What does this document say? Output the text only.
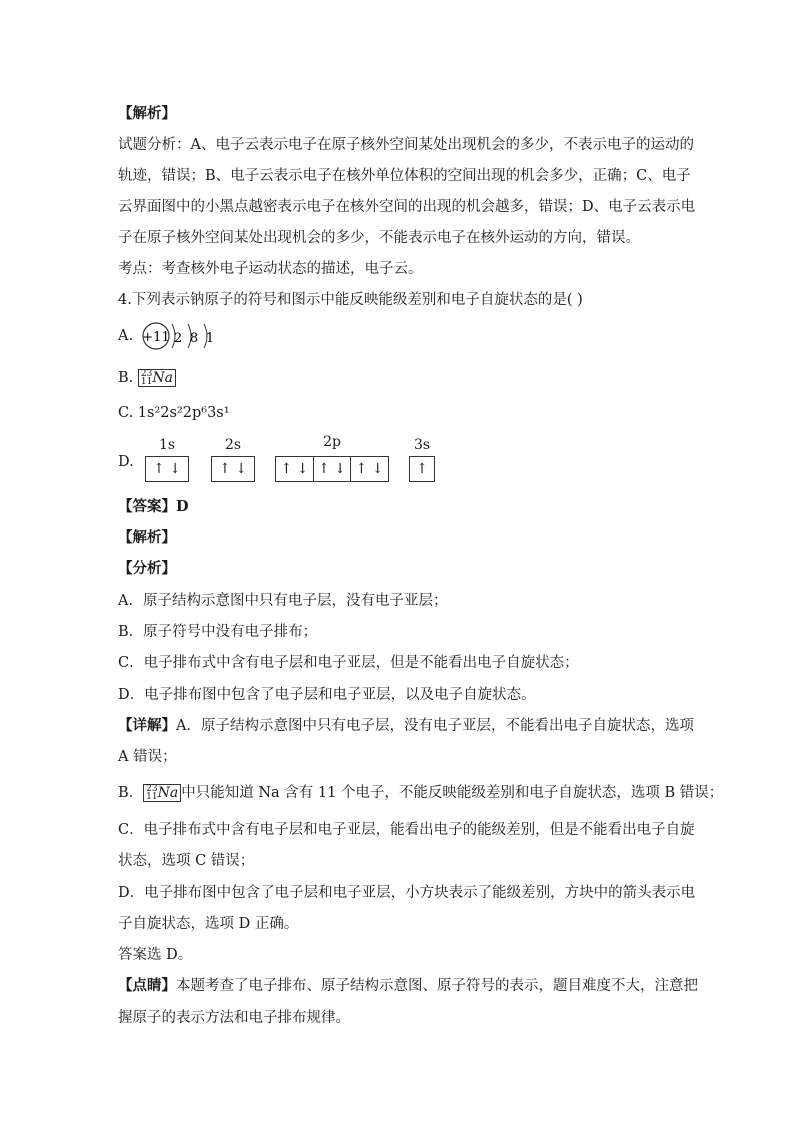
【解析】
试题分析：A、电子云表示电子在原子核外空间某处出现机会的多少，不表示电子的运动的
轨迹，错误；B、电子云表示电子在核外单位体积的空间出现的机会多少，正确；C、电子
云界面图中的小黑点越密表示电子在核外空间的出现的机会越多，错误；D、电子云表示电
子在原子核外空间某处出现机会的多少，不能表示电子在核外运动的方向，错误。
考点：考查核外电子运动状态的描述，电子云。
4.下列表示钠原子的符号和图示中能反映能级差别和电子自旋状态的是( )
A. +11 2 8 1
B. 23
11Na
C. 1s²2s²2p⁶3s¹
D.
1s
↑ ↓
2s
↑ ↓
2p
↑ ↓ ↑ ↓ ↑ ↓
3s
↑
【答案】D
【解析】
【分析】
A．原子结构示意图中只有电子层，没有电子亚层；
B．原子符号中没有电子排布；
C．电子排布式中含有电子层和电子亚层，但是不能看出电子自旋状态；
D．电子排布图中包含了电子层和电子亚层，以及电子自旋状态。
【详解】A．原子结构示意图中只有电子层，没有电子亚层，不能看出电子自旋状态，选项
A 错误；
B． 23
11Na 中只能知道 Na 含有 11 个电子，不能反映能级差别和电子自旋状态，选项 B 错误；
C．电子排布式中含有电子层和电子亚层，能看出电子的能级差别，但是不能看出电子自旋
状态，选项 C 错误；
D．电子排布图中包含了电子层和电子亚层，小方块表示了能级差别，方块中的箭头表示电
子自旋状态，选项 D 正确。
答案选 D。
【点睛】本题考查了电子排布、原子结构示意图、原子符号的表示，题目难度不大，注意把
握原子的表示方法和电子排布规律。
